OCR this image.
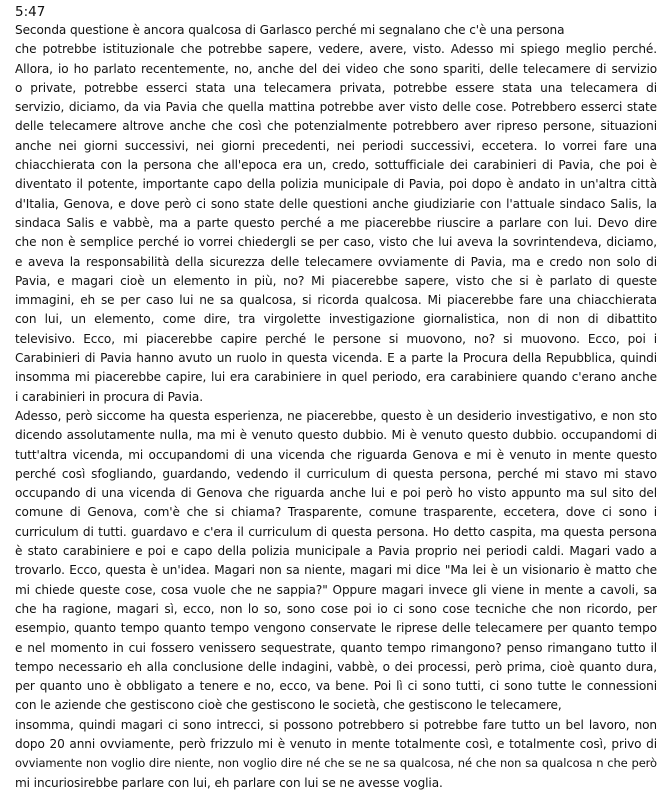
5:47
Seconda questione è ancora qualcosa di Garlasco perché mi segnalano che c'è una persona
che potrebbe istituzionale che potrebbe sapere, vedere, avere, visto. Adesso mi spiego meglio perché.
Allora, io ho parlato recentemente, no, anche del dei video che sono spariti, delle telecamere di servizio
o private, potrebbe esserci stata una telecamera privata, potrebbe essere stata una telecamera di
servizio, diciamo, da via Pavia che quella mattina potrebbe aver visto delle cose. Potrebbero esserci state
delle telecamere altrove anche che così che potenzialmente potrebbero aver ripreso persone, situazioni
anche nei giorni successivi, nei giorni precedenti, nei periodi successivi, eccetera. Io vorrei fare una
chiacchierata con la persona che all'epoca era un, credo, sottufficiale dei carabinieri di Pavia, che poi è
diventato il potente, importante capo della polizia municipale di Pavia, poi dopo è andato in un'altra città
d'Italia, Genova, e dove però ci sono state delle questioni anche giudiziarie con l'attuale sindaco Salis, la
sindaca Salis e vabbè, ma a parte questo perché a me piacerebbe riuscire a parlare con lui. Devo dire
che non è semplice perché io vorrei chiedergli se per caso, visto che lui aveva la sovrintendeva, diciamo,
e aveva la responsabilità della sicurezza delle telecamere ovviamente di Pavia, ma e credo non solo di
Pavia, e magari cioè un elemento in più, no? Mi piacerebbe sapere, visto che si è parlato di queste
immagini, eh se per caso lui ne sa qualcosa, si ricorda qualcosa. Mi piacerebbe fare una chiacchierata
con lui, un elemento, come dire, tra virgolette investigazione giornalistica, non di non di dibattito
televisivo. Ecco, mi piacerebbe capire perché le persone si muovono, no? si muovono. Ecco, poi i
Carabinieri di Pavia hanno avuto un ruolo in questa vicenda. E a parte la Procura della Repubblica, quindi
insomma mi piacerebbe capire, lui era carabiniere in quel periodo, era carabiniere quando c'erano anche
i carabinieri in procura di Pavia.
Adesso, però siccome ha questa esperienza, ne piacerebbe, questo è un desiderio investigativo, e non sto
dicendo assolutamente nulla, ma mi è venuto questo dubbio. Mi è venuto questo dubbio. occupandomi di
tutt'altra vicenda, mi occupandomi di una vicenda che riguarda Genova e mi è venuto in mente questo
perché così sfogliando, guardando, vedendo il curriculum di questa persona, perché mi stavo mi stavo
occupando di una vicenda di Genova che riguarda anche lui e poi però ho visto appunto ma sul sito del
comune di Genova, com'è che si chiama? Trasparente, comune trasparente, eccetera, dove ci sono i
curriculum di tutti. guardavo e c'era il curriculum di questa persona. Ho detto caspita, ma questa persona
è stato carabiniere e poi e capo della polizia municipale a Pavia proprio nei periodi caldi. Magari vado a
trovarlo. Ecco, questa è un'idea. Magari non sa niente, magari mi dice "Ma lei è un visionario è matto che
mi chiede queste cose, cosa vuole che ne sappia?" Oppure magari invece gli viene in mente a cavoli, sa
che ha ragione, magari sì, ecco, non lo so, sono cose poi io ci sono cose tecniche che non ricordo, per
esempio, quanto tempo quanto tempo vengono conservate le riprese delle telecamere per quanto tempo
e nel momento in cui fossero venissero sequestrate, quanto tempo rimangono? penso rimangano tutto il
tempo necessario eh alla conclusione delle indagini, vabbè, o dei processi, però prima, cioè quanto dura,
per quanto uno è obbligato a tenere e no, ecco, va bene. Poi lì ci sono tutti, ci sono tutte le connessioni
con le aziende che gestiscono cioè che gestiscono le società, che gestiscono le telecamere,
insomma, quindi magari ci sono intrecci, si possono potrebbero si potrebbe fare tutto un bel lavoro, non
dopo 20 anni ovviamente, però frizzulo mi è venuto in mente totalmente così, e totalmente così, privo di
ovviamente non voglio dire niente, non voglio dire né che se ne sa qualcosa, né che non sa qualcosa n che però
mi incuriosirebbe parlare con lui, eh parlare con lui se ne avesse voglia.
